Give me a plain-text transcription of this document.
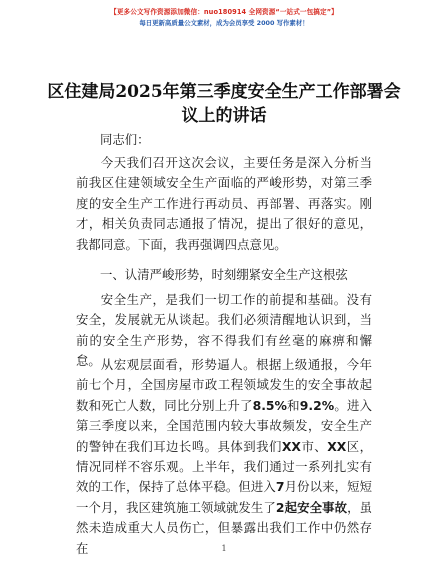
【更多公文写作资源添加微信：nuo180914 全网资源“一站式一包搞定”】
每日更新高质量公文素材，成为会员享受 2000 写作素材！
区住建局2025年第三季度安全生产工作部署会议上的讲话
同志们：

今天我们召开这次会议，主要任务是深入分析当前我区住建领域安全生产面临的严峻形势，对第三季度的安全生产工作进行再动员、再部署、再落实。刚才，相关负责同志通报了情况，提出了很好的意见，我都同意。下面，我再强调四点意见。

一、认清严峻形势，时刻绷紧安全生产这根弦

安全生产，是我们一切工作的前提和基础。没有安全，发展就无从谈起。我们必须清醒地认识到，当前的安全生产形势，容不得我们有丝毫的麻痹和懈怠。 从宏观层面看，形势逼人。根据上级通报，今年前七个月，全国房屋市政工程领域发生的安全事故起数和死亡人数，同比分别上升了8.5%和9.2%。进入第三季度以来，全国范围内较大事故频发，安全生产的警钟在我们耳边长鸣。具体到我们XX市、XX区，情况同样不容乐观。上半年，我们通过一系列扎实有效的工作，保持了总体平稳。但进入7月份以来，短短一个月，我区建筑施工领域就发生了2起安全事故，虽然未造成重大人员伤亡，但暴露出我们工作中仍然存在	1
